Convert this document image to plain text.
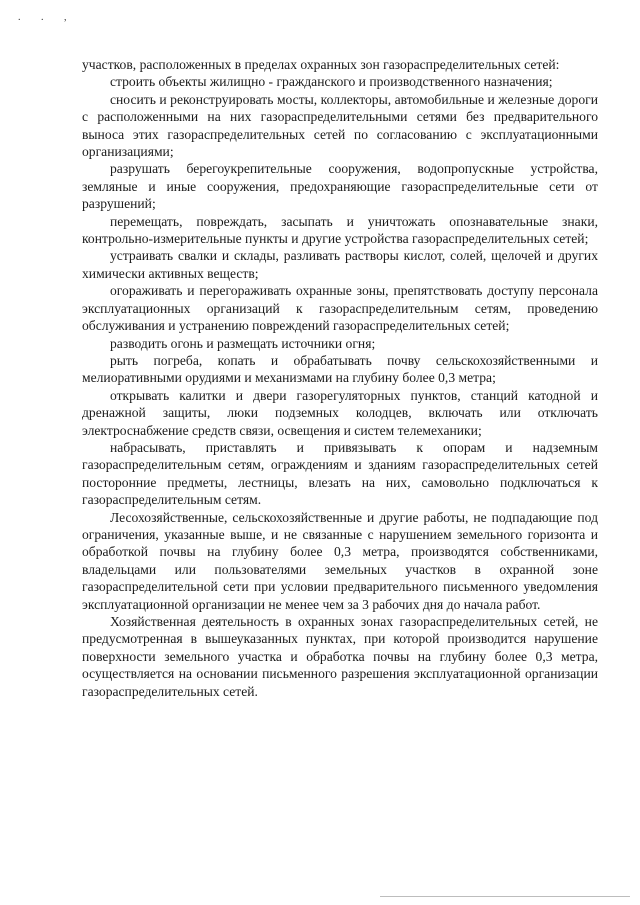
. . ,

участков, расположенных в пределах охранных зон газораспределительных сетей:

строить объекты жилищно - гражданского и производственного назначения;

сносить и реконструировать мосты, коллекторы, автомобильные и железные дороги с расположенными на них газораспределительными сетями без предварительного выноса этих газораспределительных сетей по согласованию с эксплуатационными организациями;

разрушать берегоукрепительные сооружения, водопропускные устройства, земляные и иные сооружения, предохраняющие газораспределительные сети от разрушений;

перемещать, повреждать, засыпать и уничтожать опознавательные знаки, контрольно-измерительные пункты и другие устройства газораспределительных сетей;

устраивать свалки и склады, разливать растворы кислот, солей, щелочей и других химически активных веществ;

огораживать и перегораживать охранные зоны, препятствовать доступу персонала эксплуатационных организаций к газораспределительным сетям, проведению обслуживания и устранению повреждений газораспределительных сетей;

разводить огонь и размещать источники огня;

рыть погреба, копать и обрабатывать почву сельскохозяйственными и мелиоративными орудиями и механизмами на глубину более 0,3 метра;

открывать калитки и двери газорегуляторных пунктов, станций катодной и дренажной защиты, люки подземных колодцев, включать или отключать электроснабжение средств связи, освещения и систем телемеханики;

набрасывать, приставлять и привязывать к опорам и надземным газораспределительным сетям, ограждениям и зданиям газораспределительных сетей посторонние предметы, лестницы, влезать на них, самовольно подключаться к газораспределительным сетям.

Лесохозяйственные, сельскохозяйственные и другие работы, не подпадающие под ограничения, указанные выше, и не связанные с нарушением земельного горизонта и обработкой почвы на глубину более 0,3 метра, производятся собственниками, владельцами или пользователями земельных участков в охранной зоне газораспределительной сети при условии предварительного письменного уведомления эксплуатационной организации не менее чем за 3 рабочих дня до начала работ.

Хозяйственная деятельность в охранных зонах газораспределительных сетей, не предусмотренная в вышеуказанных пунктах, при которой производится нарушение поверхности земельного участка и обработка почвы на глубину более 0,3 метра, осуществляется на основании письменного разрешения эксплуатационной организации газораспределительных сетей.
